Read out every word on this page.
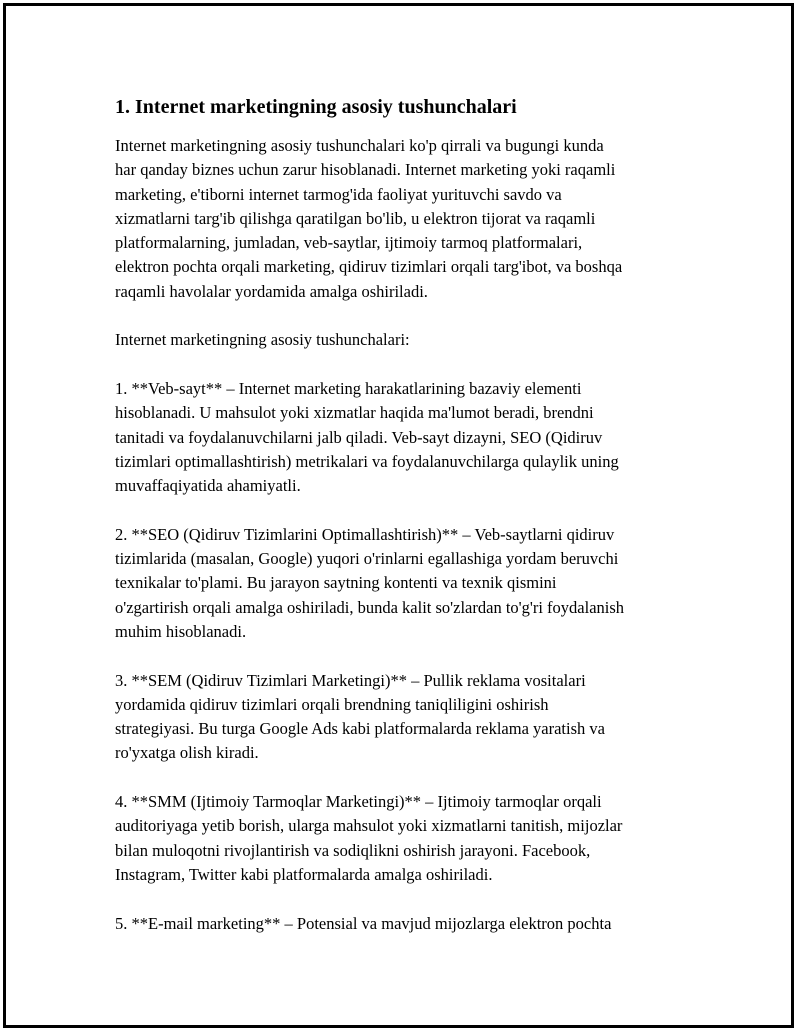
1. Internet marketingning asosiy tushunchalari
Internet marketingning asosiy tushunchalari ko'p qirrali va bugungi kunda
har qanday biznes uchun zarur hisoblanadi. Internet marketing yoki raqamli
marketing, e'tiborni internet tarmog'ida faoliyat yurituvchi savdo va
xizmatlarni targ'ib qilishga qaratilgan bo'lib, u elektron tijorat va raqamli
platformalarning, jumladan, veb-saytlar, ijtimoiy tarmoq platformalari,
elektron pochta orqali marketing, qidiruv tizimlari orqali targ'ibot, va boshqa
raqamli havolalar yordamida amalga oshiriladi.
Internet marketingning asosiy tushunchalari:
1. **Veb-sayt** – Internet marketing harakatlarining bazaviy elementi
hisoblanadi. U mahsulot yoki xizmatlar haqida ma'lumot beradi, brendni
tanitadi va foydalanuvchilarni jalb qiladi. Veb-sayt dizayni, SEO (Qidiruv
tizimlari optimallashtirish) metrikalari va foydalanuvchilarga qulaylik uning
muvaffaqiyatida ahamiyatli.
2. **SEO (Qidiruv Tizimlarini Optimallashtirish)** – Veb-saytlarni qidiruv
tizimlarida (masalan, Google) yuqori o'rinlarni egallashiga yordam beruvchi
texnikalar to'plami. Bu jarayon saytning kontenti va texnik qismini
o'zgartirish orqali amalga oshiriladi, bunda kalit so'zlardan to'g'ri foydalanish
muhim hisoblanadi.
3. **SEM (Qidiruv Tizimlari Marketingi)** – Pullik reklama vositalari
yordamida qidiruv tizimlari orqali brendning taniqliligini oshirish
strategiyasi. Bu turga Google Ads kabi platformalarda reklama yaratish va
ro'yxatga olish kiradi.
4. **SMM (Ijtimoiy Tarmoqlar Marketingi)** – Ijtimoiy tarmoqlar orqali
auditoriyaga yetib borish, ularga mahsulot yoki xizmatlarni tanitish, mijozlar
bilan muloqotni rivojlantirish va sodiqlikni oshirish jarayoni. Facebook,
Instagram, Twitter kabi platformalarda amalga oshiriladi.
5. **E-mail marketing** – Potensial va mavjud mijozlarga elektron pochta
